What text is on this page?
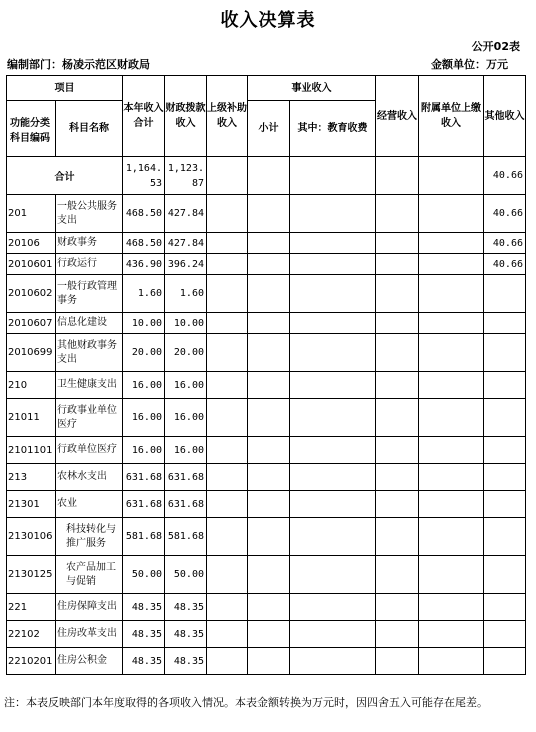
收入决算表
公开02表
编制部门：杨凌示范区财政局	金额单位：万元
项目		本年收入合计	财政拨款收入	上级补助收入	事业收入		经营收入	附属单位上缴收入	其他收入
功能分类科目编码	科目名称				小计	其中：教育收费			
合计		1,164.53	1,123.87						40.66
201	一般公共服务支出	468.50	427.84						40.66
20106	财政事务	468.50	427.84						40.66
2010601	行政运行	436.90	396.24						40.66
2010602	一般行政管理事务	1.60	1.60						
2010607	信息化建设	10.00	10.00						
2010699	其他财政事务支出	20.00	20.00						
210	卫生健康支出	16.00	16.00						
21011	行政事业单位医疗	16.00	16.00						
2101101	行政单位医疗	16.00	16.00						
213	农林水支出	631.68	631.68						
21301	农业	631.68	631.68						
2130106	科技转化与推广服务	581.68	581.68						
2130125	农产品加工与促销	50.00	50.00						
221	住房保障支出	48.35	48.35						
22102	住房改革支出	48.35	48.35						
2210201	住房公积金	48.35	48.35						
注：本表反映部门本年度取得的各项收入情况。本表金额转换为万元时，因四舍五入可能存在尾差。
